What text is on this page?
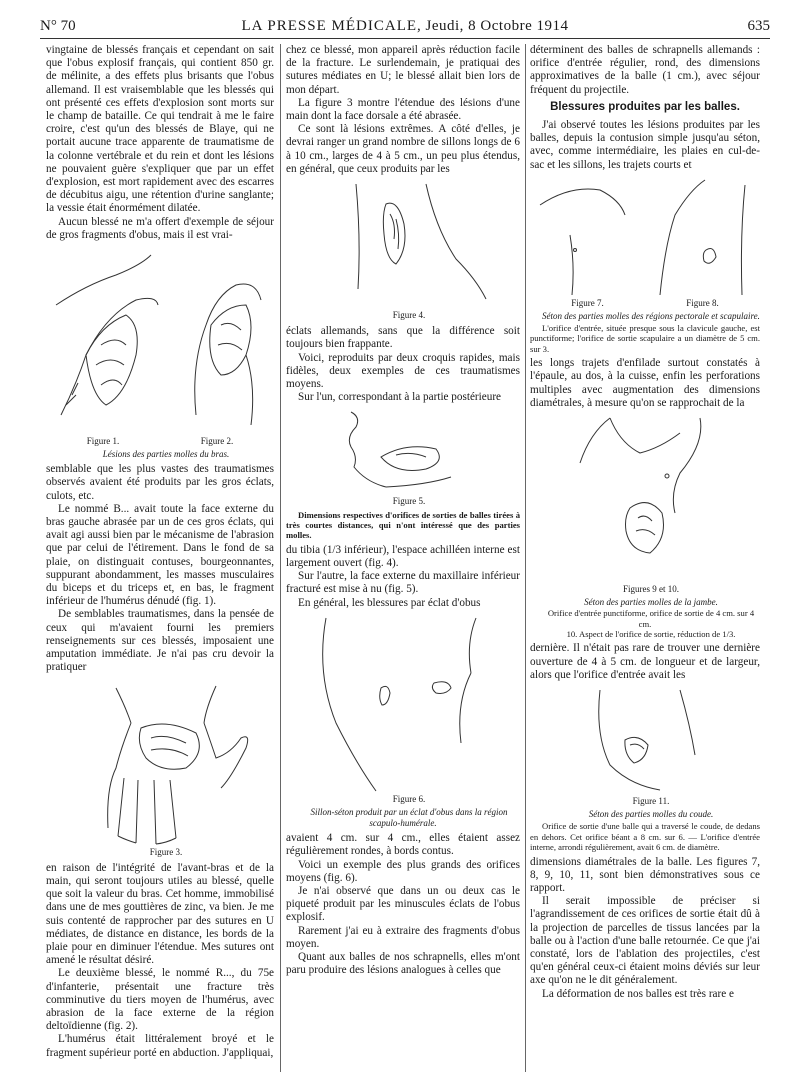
N° 70	LA PRESSE MÉDICALE, Jeudi, 8 Octobre 1914	635

vingtaine de blessés français et cependant on sait que l'obus explosif français, qui contient 850 gr. de mélinite, a des effets plus brisants que l'obus allemand. Il est vraisemblable que les blessés qui ont présenté ces effets d'explosion sont morts sur le champ de bataille. Ce qui tendrait à me le faire croire, c'est qu'un des blessés de Blaye, qui ne portait aucune trace apparente de traumatisme de la colonne vertébrale et du rein et dont les lésions ne pouvaient guère s'expliquer que par un effet d'explosion, est mort rapidement avec des escarres de décubitus aigu, une rétention d'urine sanglante; la vessie était énormément dilatée.

Aucun blessé ne m'a offert d'exemple de séjour de gros fragments d'obus, mais il est vrai-

Figure 1.	Figure 2.

Lésions des parties molles du bras.

semblable que les plus vastes des traumatismes observés avaient été produits par les gros éclats, culots, etc.

Le nommé B... avait toute la face externe du bras gauche abrasée par un de ces gros éclats, qui avait agi aussi bien par le mécanisme de l'abrasion que par celui de l'étirement. Dans le fond de sa plaie, on distinguait contuses, bourgeonnantes, suppurant abondamment, les masses musculaires du biceps et du triceps et, en bas, le fragment inférieur de l'humérus dénudé (fig. 1).

De semblables traumatismes, dans la pensée de ceux qui m'avaient fourni les premiers renseignements sur ces blessés, imposaient une amputation immédiate. Je n'ai pas cru devoir la pratiquer

Figure 3.

en raison de l'intégrité de l'avant-bras et de la main, qui seront toujours utiles au blessé, quelle que soit la valeur du bras. Cet homme, immobilisé dans une de mes gouttières de zinc, va bien. Je me suis contenté de rapprocher par des sutures en U médiates, de distance en distance, les bords de la plaie pour en diminuer l'étendue. Mes sutures ont amené le résultat désiré.

Le deuxième blessé, le nommé R..., du 75e d'infanterie, présentait une fracture très comminutive du tiers moyen de l'humérus, avec abrasion de la face externe de la région deltoïdienne (fig. 2).

L'humérus était littéralement broyé et le fragment supérieur porté en abduction. J'appliquai,

chez ce blessé, mon appareil après réduction facile de la fracture. Le surlendemain, je pratiquai des sutures médiates en U; le blessé allait bien lors de mon départ.

La figure 3 montre l'étendue des lésions d'une main dont la face dorsale a été abrasée.

Ce sont là lésions extrêmes. A côté d'elles, je devrai ranger un grand nombre de sillons longs de 6 à 10 cm., larges de 4 à 5 cm., un peu plus étendus, en général, que ceux produits par les

Figure 4.

éclats allemands, sans que la différence soit toujours bien frappante.

Voici, reproduits par deux croquis rapides, mais fidèles, deux exemples de ces traumatismes moyens.

Sur l'un, correspondant à la partie postérieure

Figure 5.

Dimensions respectives d'orifices de sorties de balles tirées à très courtes distances, qui n'ont intéressé que des parties molles.

du tibia (1/3 inférieur), l'espace achilléen interne est largement ouvert (fig. 4).

Sur l'autre, la face externe du maxillaire inférieur fracturé est mise à nu (fig. 5).

En général, les blessures par éclat d'obus

Figure 6.

Sillon-séton produit par un éclat d'obus dans la région scapulo-humérale.

avaient 4 cm. sur 4 cm., elles étaient assez régulièrement rondes, à bords contus.

Voici un exemple des plus grands des orifices moyens (fig. 6).

Je n'ai observé que dans un ou deux cas le piqueté produit par les minuscules éclats de l'obus explosif.

Rarement j'ai eu à extraire des fragments d'obus moyen.

Quant aux balles de nos schrapnells, elles m'ont paru produire des lésions analogues à celles que

déterminent des balles de schrapnells allemands : orifice d'entrée régulier, rond, des dimensions approximatives de la balle (1 cm.), avec séjour fréquent du projectile.

Blessures produites par les balles.

J'ai observé toutes les lésions produites par les balles, depuis la contusion simple jusqu'au séton, avec, comme intermédiaire, les plaies en cul-de-sac et les sillons, les trajets courts et

Figure 7.	Figure 8.

Séton des parties molles des régions pectorale et scapulaire.

L'orifice d'entrée, située presque sous la clavicule gauche, est punctiforme; l'orifice de sortie scapulaire a un diamètre de 5 cm. sur 3.

les longs trajets d'enfilade surtout constatés à l'épaule, au dos, à la cuisse, enfin les perforations multiples avec augmentation des dimensions diamétrales, à mesure qu'on se rapprochait de la

Figures 9 et 10.

Séton des parties molles de la jambe.

Orifice d'entrée punctiforme, orifice de sortie de 4 cm. sur 4 cm.

10. Aspect de l'orifice de sortie, réduction de 1/3.

dernière. Il n'était pas rare de trouver une dernière ouverture de 4 à 5 cm. de longueur et de largeur, alors que l'orifice d'entrée avait les

Figure 11.

Séton des parties molles du coude.

Orifice de sortie d'une balle qui a traversé le coude, de dedans en dehors. Cet orifice béant a 8 cm. sur 6. — L'orifice d'entrée interne, arrondi régulièrement, avait 6 cm. de diamètre.

dimensions diamétrales de la balle. Les figures 7, 8, 9, 10, 11, sont bien démonstratives sous ce rapport.

Il serait impossible de préciser si l'agrandissement de ces orifices de sortie était dû à la projection de parcelles de tissus lancées par la balle ou à l'action d'une balle retournée. Ce que j'ai constaté, lors de l'ablation des projectiles, c'est qu'en général ceux-ci étaient moins déviés sur leur axe qu'on ne le dit généralement.

La déformation de nos balles est très rare e
